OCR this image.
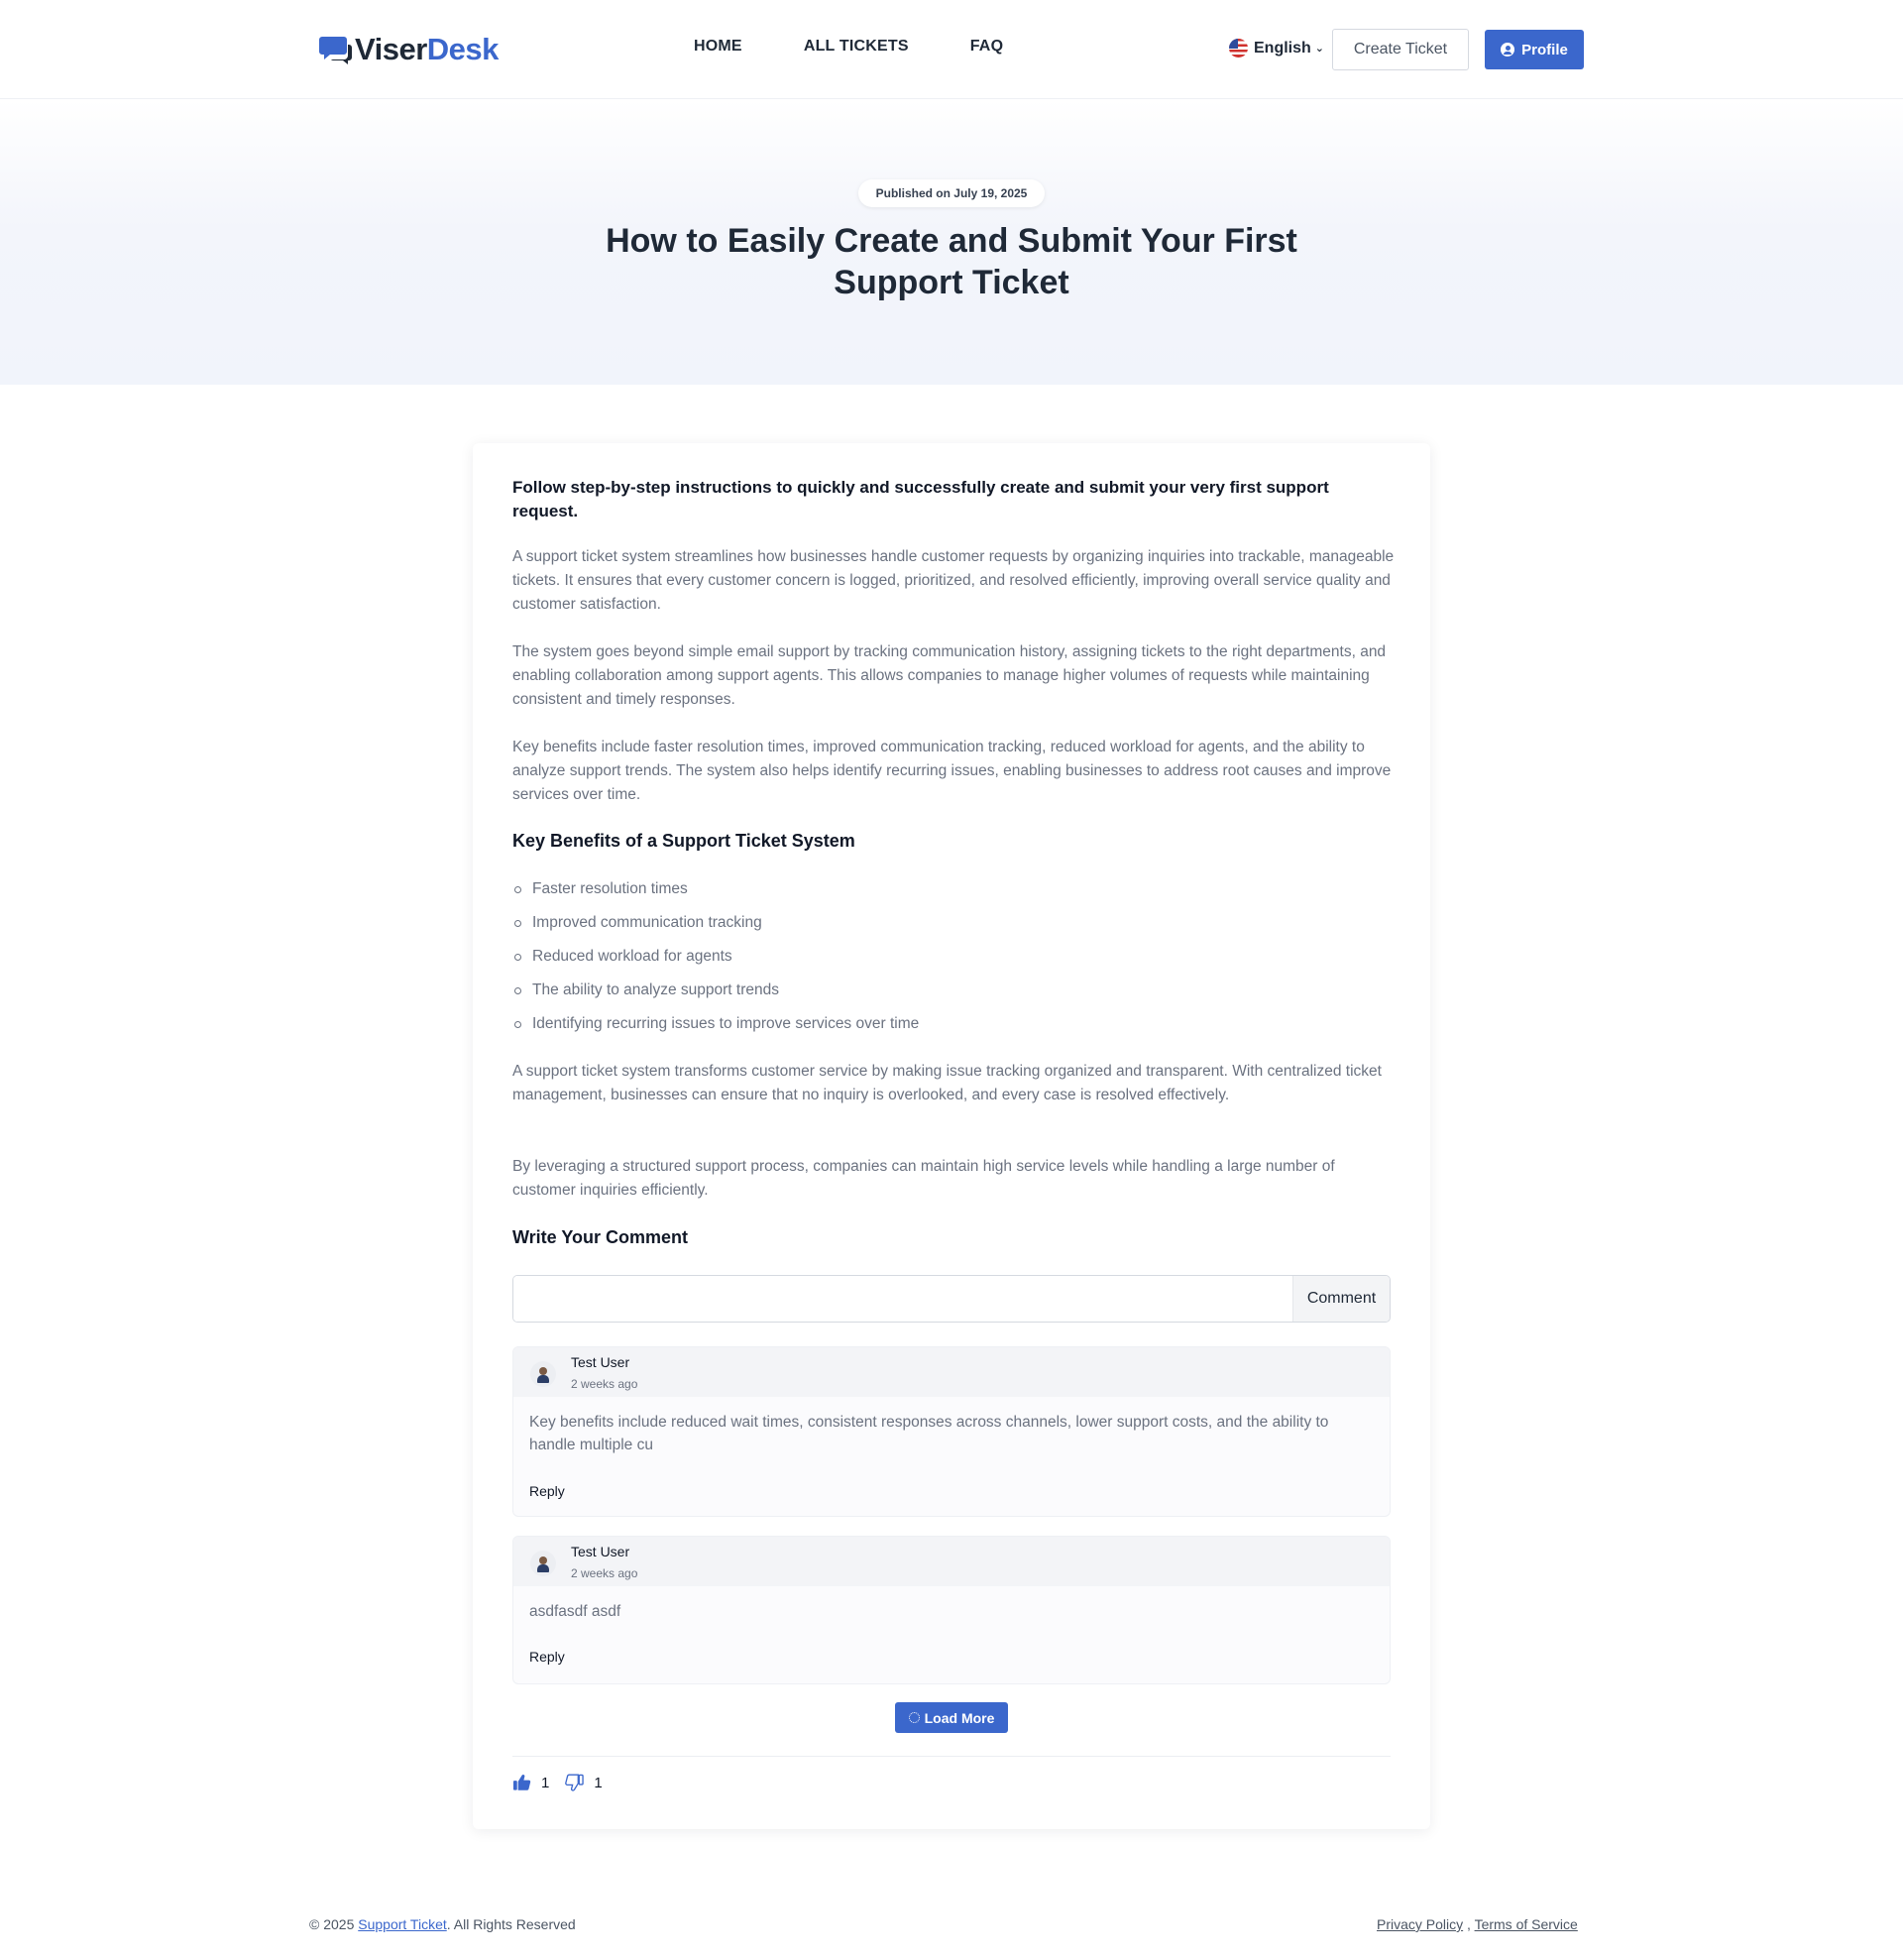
ViserDesk	HOME	ALL TICKETS	FAQ	English ⌄	Create Ticket	Profile
Published on July 19, 2025
How to Easily Create and Submit Your First Support Ticket

Follow step-by-step instructions to quickly and successfully create and submit your very first support request.

A support ticket system streamlines how businesses handle customer requests by organizing inquiries into trackable, manageable tickets. It ensures that every customer concern is logged, prioritized, and resolved efficiently, improving overall service quality and customer satisfaction.

The system goes beyond simple email support by tracking communication history, assigning tickets to the right departments, and enabling collaboration among support agents. This allows companies to manage higher volumes of requests while maintaining consistent and timely responses.

Key benefits include faster resolution times, improved communication tracking, reduced workload for agents, and the ability to analyze support trends. The system also helps identify recurring issues, enabling businesses to address root causes and improve services over time.

Key Benefits of a Support Ticket System
Faster resolution times
Improved communication tracking
Reduced workload for agents
The ability to analyze support trends
Identifying recurring issues to improve services over time

A support ticket system transforms customer service by making issue tracking organized and transparent. With centralized ticket management, businesses can ensure that no inquiry is overlooked, and every case is resolved effectively.

By leveraging a structured support process, companies can maintain high service levels while handling a large number of customer inquiries efficiently.

Write Your Comment
Comment
Test User
2 weeks ago

Key benefits include reduced wait times, consistent responses across channels, lower support costs, and the ability to handle multiple cu

Reply
Test User
2 weeks ago

asdfasdf asdf

Reply
Load More
1	1
© 2025 Support Ticket. All Rights Reserved	Privacy Policy , Terms of Service
